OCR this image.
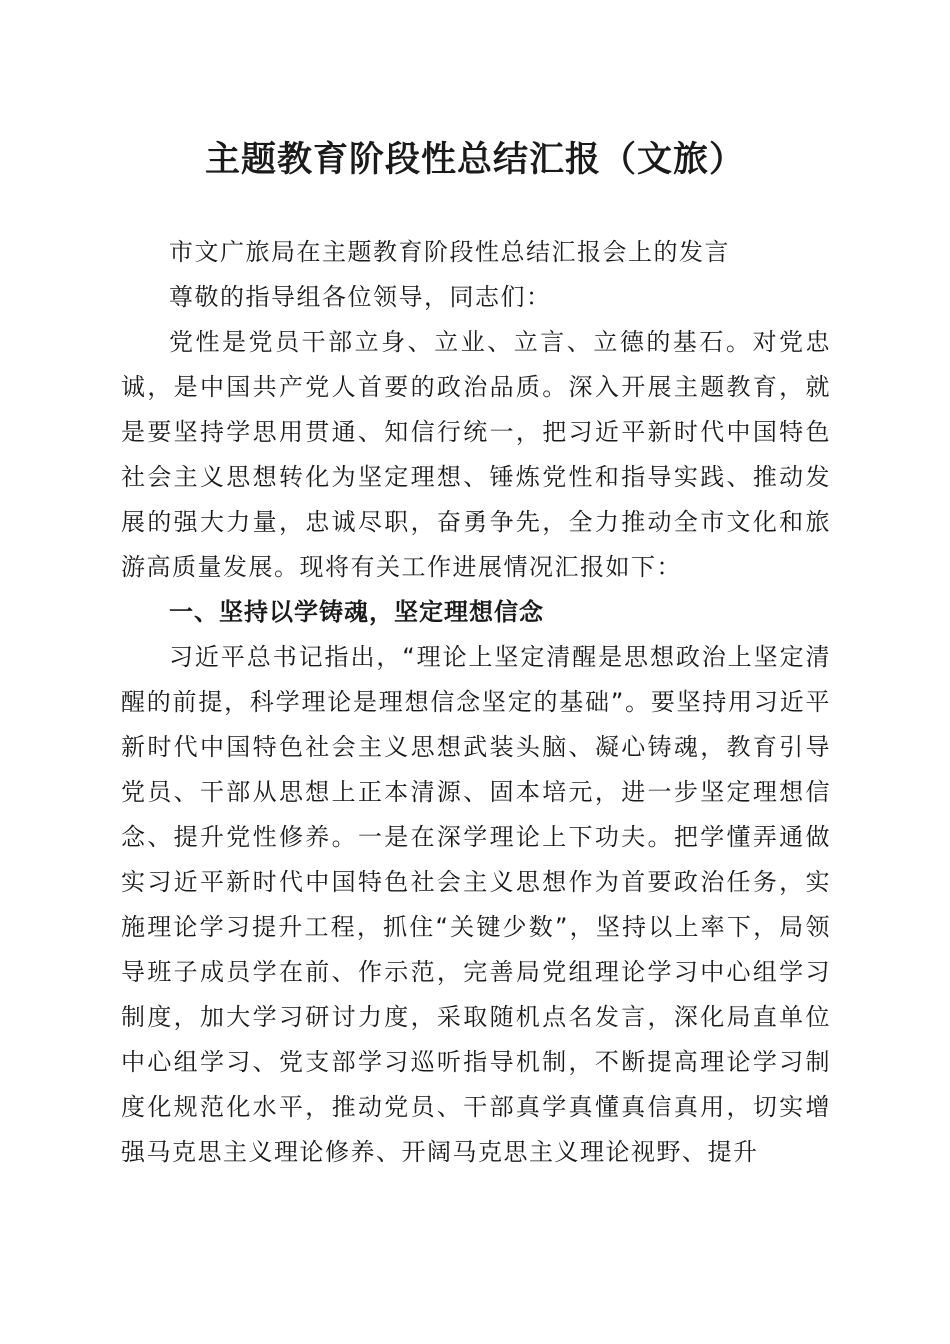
主题教育阶段性总结汇报（文旅）

市文广旅局在主题教育阶段性总结汇报会上的发言

尊敬的指导组各位领导，同志们：

党性是党员干部立身、立业、立言、立德的基石。对党忠诚，是中国共产党人首要的政治品质。深入开展主题教育，就是要坚持学思用贯通、知信行统一，把习近平新时代中国特色社会主义思想转化为坚定理想、锤炼党性和指导实践、推动发展的强大力量，忠诚尽职，奋勇争先，全力推动全市文化和旅游高质量发展。现将有关工作进展情况汇报如下：

一、坚持以学铸魂，坚定理想信念

习近平总书记指出，“理论上坚定清醒是思想政治上坚定清醒的前提，科学理论是理想信念坚定的基础”。要坚持用习近平新时代中国特色社会主义思想武装头脑、凝心铸魂，教育引导党员、干部从思想上正本清源、固本培元，进一步坚定理想信念、提升党性修养。一是在深学理论上下功夫。把学懂弄通做实习近平新时代中国特色社会主义思想作为首要政治任务，实施理论学习提升工程，抓住“关键少数”，坚持以上率下，局领导班子成员学在前、作示范，完善局党组理论学习中心组学习制度，加大学习研讨力度，采取随机点名发言，深化局直单位中心组学习、党支部学习巡听指导机制，不断提高理论学习制度化规范化水平，推动党员、干部真学真懂真信真用，切实增强马克思主义理论修养、开阔马克思主义理论视野、提升
